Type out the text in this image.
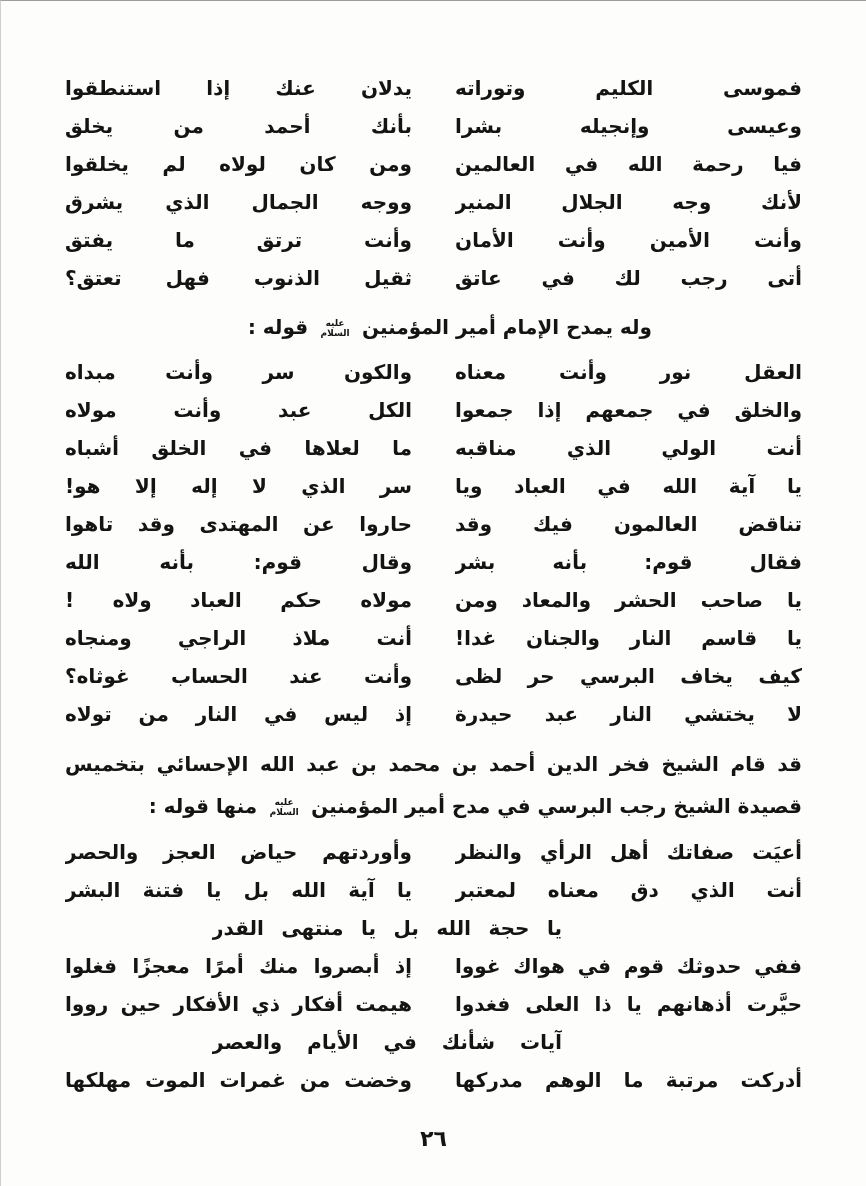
فموسى الكليم وتوراته
يدلان عنك إذا استنطقوا
وعيسى وإنجيله بشرا
بأنك أحمد من يخلق
فيا رحمة الله في العالمين
ومن كان لولاه لم يخلقوا
لأنك وجه الجلال المنير
ووجه الجمال الذي يشرق
وأنت الأمين وأنت الأمان
وأنت ترتق ما يفتق
أتى رجب لك في عاتق
ثقيل الذنوب فهل تعتق؟

وله يمدح الإمام أمير المؤمنين عليه السلام قوله :

العقل نور وأنت معناه
والكون سر وأنت مبداه
والخلق في جمعهم إذا جمعوا
الكل عبد وأنت مولاه
أنت الولي الذي مناقبه
ما لعلاها في الخلق أشباه
يا آية الله في العباد ويا
سر الذي لا إله إلا هو!
تناقض العالمون فيك وقد
حاروا عن المهتدى وقد تاهوا
فقال قوم: بأنه بشر
وقال قوم: بأنه الله
يا صاحب الحشر والمعاد ومن
مولاه حكم العباد ولاه !
يا قاسم النار والجنان غدا!
أنت ملاذ الراجي ومنجاه
كيف يخاف البرسي حر لظى
وأنت عند الحساب غوثاه؟
لا يختشي النار عبد حيدرة
إذ ليس في النار من تولاه

قد قام الشيخ فخر الدين أحمد بن محمد بن عبد الله الإحسائي بتخميس قصيدة الشيخ رجب البرسي في مدح أمير المؤمنين عليه السلام منها قوله :

أعيَت صفاتك أهل الرأي والنظر
وأوردتهم حياض العجز والحصر
أنت الذي دق معناه لمعتبر
يا آية الله بل يا فتنة البشر
يا حجة الله بل يا منتهى القدر
ففي حدوثك قوم في هواك غووا
إذ أبصروا منك أمرًا معجزًا فغلوا
حيَّرت أذهانهم يا ذا العلى فغدوا
هيمت أفكار ذي الأفكار حين رووا
آيات شأنك في الأيام والعصر
أدركت مرتبة ما الوهم مدركها
وخضت من غمرات الموت مهلكها
٢٦
